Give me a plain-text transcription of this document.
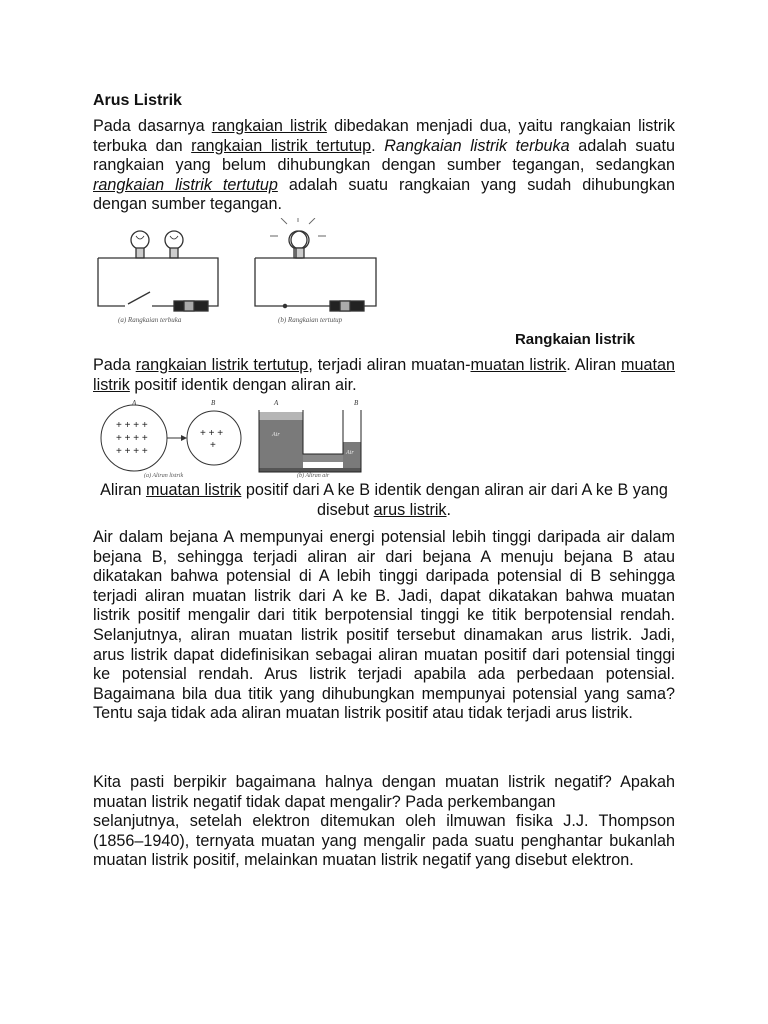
Arus Listrik

Pada dasarnya rangkaian listrik dibedakan menjadi dua, yaitu rangkaian listrik terbuka dan rangkaian listrik tertutup. Rangkaian listrik terbuka adalah suatu rangkaian yang belum dihubungkan dengan sumber tegangan, sedangkan rangkaian listrik tertutup adalah suatu rangkaian yang sudah dihubungkan dengan sumber tegangan.

(a) Rangkaian terbuka	(b) Rangkaian tertutup
Rangkaian listrik

Pada rangkaian listrik tertutup, terjadi aliran muatan-muatan listrik. Aliran muatan listrik positif identik dengan aliran air.

A	B
+ + + +
+ + + +
+ + + +
+ + +
+
(a) Aliran listrik
A	B
Air
Air
(b) Aliran air

Aliran muatan listrik positif dari A ke B identik dengan aliran air dari A ke B yang disebut arus listrik.

Air dalam bejana A mempunyai energi potensial lebih tinggi daripada air dalam bejana B, sehingga terjadi aliran air dari bejana A menuju bejana B atau dikatakan bahwa potensial di A lebih tinggi daripada potensial di B sehingga terjadi aliran muatan listrik dari A ke B. Jadi, dapat dikatakan bahwa muatan listrik positif mengalir dari titik berpotensial tinggi ke titik berpotensial rendah. Selanjutnya, aliran muatan listrik positif tersebut dinamakan arus listrik. Jadi, arus listrik dapat didefinisikan sebagai aliran muatan positif dari potensial tinggi ke potensial rendah. Arus listrik terjadi apabila ada perbedaan potensial. Bagaimana bila dua titik yang dihubungkan mempunyai potensial yang sama? Tentu saja tidak ada aliran muatan listrik positif atau tidak terjadi arus listrik.

Kita pasti berpikir bagaimana halnya dengan muatan listrik negatif? Apakah muatan listrik negatif tidak dapat mengalir? Pada perkembangan
selanjutnya, setelah elektron ditemukan oleh ilmuwan fisika J.J. Thompson (1856–1940), ternyata muatan yang mengalir pada suatu penghantar bukanlah muatan listrik positif, melainkan muatan listrik negatif yang disebut elektron.
